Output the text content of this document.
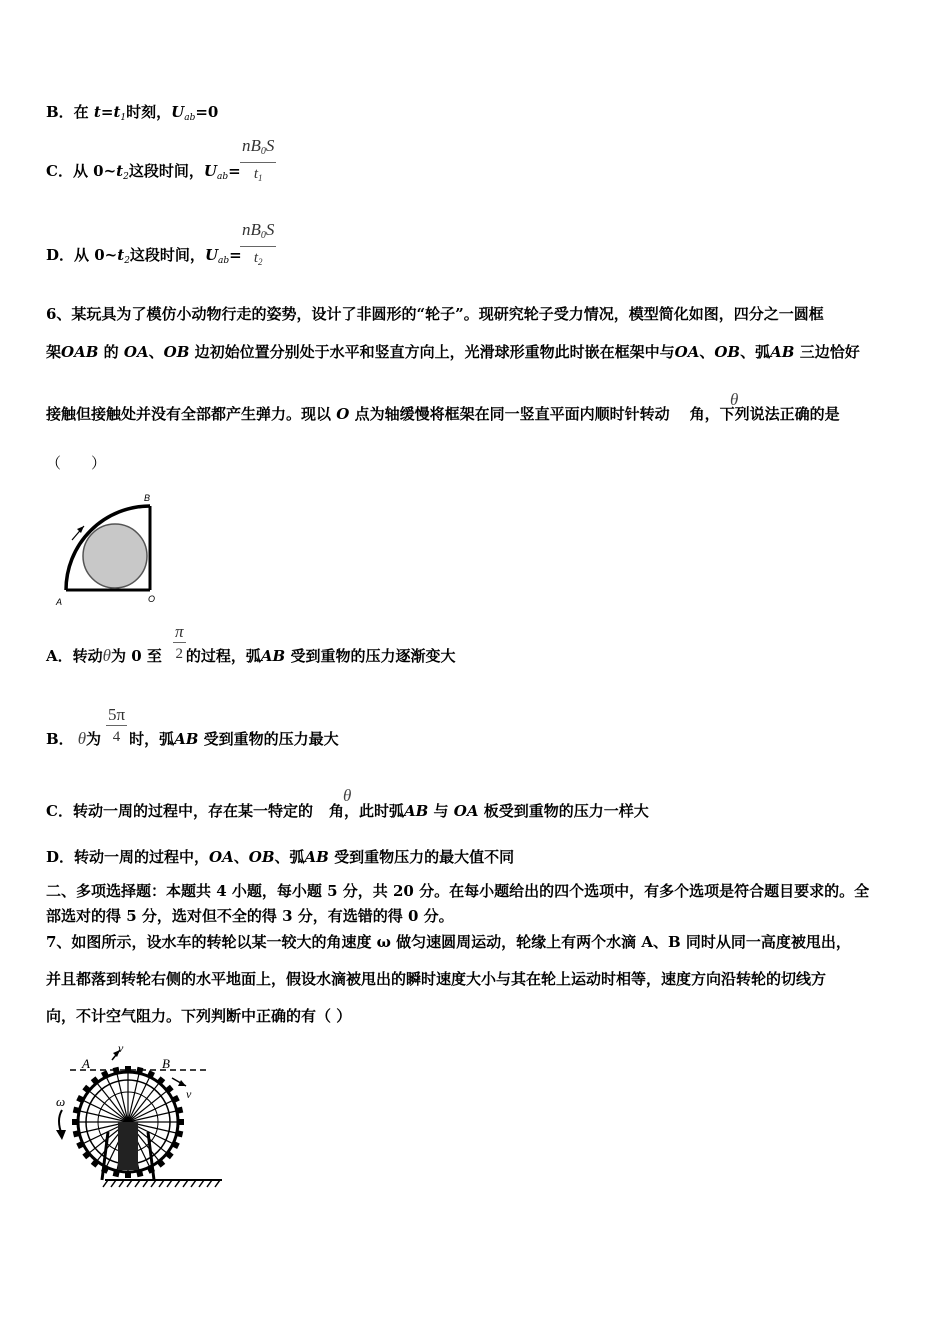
B．在 $t=t_1$时刻，$U_{ab}=0$
C．从 $0\sim t_2$这段时间，$U_{ab}= \frac{nB0S}{t_1}$
D．从 $0\sim t_2$这段时间，$U_{ab}=$
$\frac{nB0S}{t_2}$
6、某玩具为了模仿小动物行走的姿势，设计了非圆形的“轮子”。现研究轮子受力情况，模型简化如图，四分之一圆框
架OAB 的 OA、OB 边初始位置分别处于水平和竖直方向上，光滑球形重物此时嵌在框架中与OA、OB、弧AB 三边恰好
接触但接触处并没有全部都产生弹力。现以 O 点为轴缓慢将框架在同一竖直平面内顺时针转动 角，下列说法正确的是
θ
（　　）
B
A	O
A．转动θ为 0 至 的过程，弧AB 受到重物的压力逐渐变大
$\frac{\pi}{2}$
B． θ为 时，弧AB 受到重物的压力最大
$\frac{5\pi}{4}$
C．转动一周的过程中，存在某一特定的 角，此时弧AB 与 OA 板受到重物的压力一样大
θ
D．转动一周的过程中，OA、OB、弧AB 受到重物压力的最大值不同
二、多项选择题：本题共 4 小题，每小题 5 分，共 20 分。在每小题给出的四个选项中，有多个选项是符合题目要求的。全
部选对的得 5 分，选对但不全的得 3 分，有选错的得 0 分。
7、如图所示，设水车的转轮以某一较大的角速度 ω 做匀速圆周运动，轮缘上有两个水滴 A、B 同时从同一高度被甩出，
并且都落到转轮右侧的水平地面上，假设水滴被甩出的瞬时速度大小与其在轮上运动时相等，速度方向沿转轮的切线方
向，不计空气阻力。下列判断中正确的有（ ）
A	B
v
v
ω
